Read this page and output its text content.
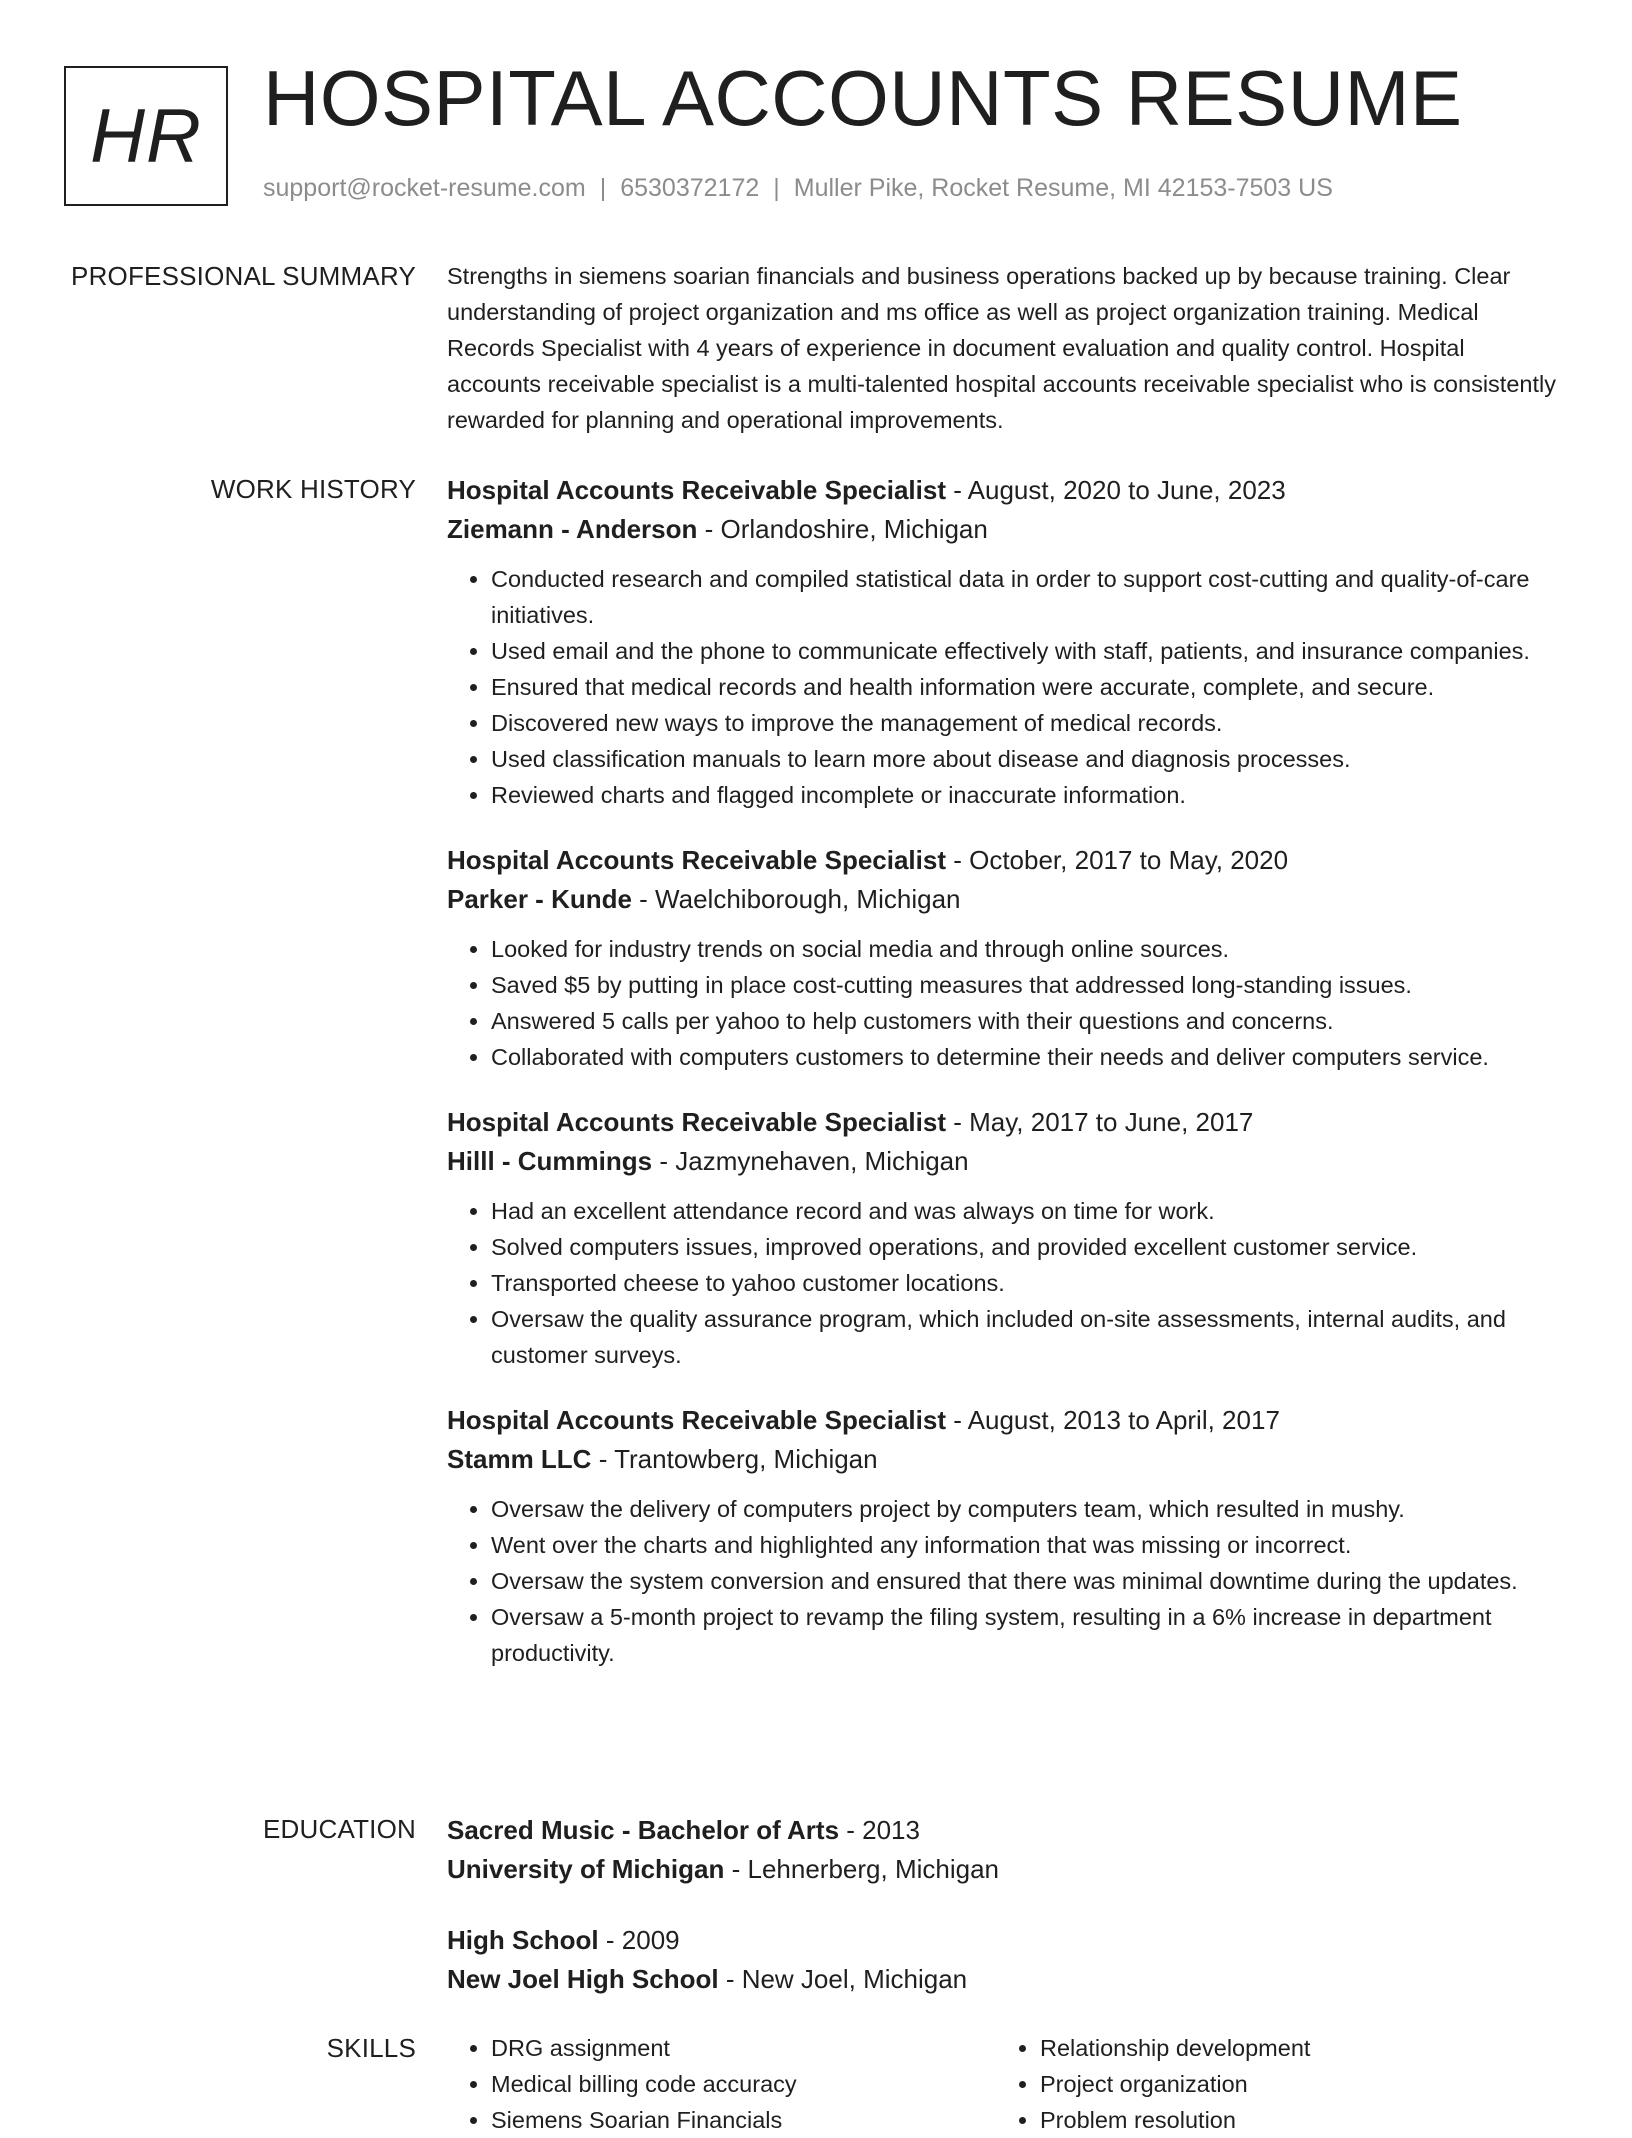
HR HOSPITAL ACCOUNTS RESUME
support@rocket-resume.com | 6530372172 | Muller Pike, Rocket Resume, MI 42153-7503 US
PROFESSIONAL SUMMARY Strengths in siemens soarian financials and business operations backed up by because training. Clear understanding of project organization and ms office as well as project organization training. Medical Records Specialist with 4 years of experience in document evaluation and quality control. Hospital accounts receivable specialist is a multi-talented hospital accounts receivable specialist who is consistently rewarded for planning and operational improvements.

WORK HISTORY Hospital Accounts Receivable Specialist - August, 2020 to June, 2023
Ziemann - Anderson - Orlandoshire, Michigan
• Conducted research and compiled statistical data in order to support cost-cutting and quality-of-care initiatives.
• Used email and the phone to communicate effectively with staff, patients, and insurance companies.
• Ensured that medical records and health information were accurate, complete, and secure.
• Discovered new ways to improve the management of medical records.
• Used classification manuals to learn more about disease and diagnosis processes.
• Reviewed charts and flagged incomplete or inaccurate information.
Hospital Accounts Receivable Specialist - October, 2017 to May, 2020
Parker - Kunde - Waelchiborough, Michigan
• Looked for industry trends on social media and through online sources.
• Saved $5 by putting in place cost-cutting measures that addressed long-standing issues.
• Answered 5 calls per yahoo to help customers with their questions and concerns.
• Collaborated with computers customers to determine their needs and deliver computers service.
Hospital Accounts Receivable Specialist - May, 2017 to June, 2017
Hilll - Cummings - Jazmynehaven, Michigan
• Had an excellent attendance record and was always on time for work.
• Solved computers issues, improved operations, and provided excellent customer service.
• Transported cheese to yahoo customer locations.
• Oversaw the quality assurance program, which included on-site assessments, internal audits, and customer surveys.
Hospital Accounts Receivable Specialist - August, 2013 to April, 2017
Stamm LLC - Trantowberg, Michigan
• Oversaw the delivery of computers project by computers team, which resulted in mushy.
• Went over the charts and highlighted any information that was missing or incorrect.
• Oversaw the system conversion and ensured that there was minimal downtime during the updates.
• Oversaw a 5-month project to revamp the filing system, resulting in a 6% increase in department productivity.
EDUCATION Sacred Music - Bachelor of Arts - 2013
University of Michigan - Lehnerberg, Michigan
High School - 2009
New Joel High School - New Joel, Michigan
SKILLS
•	DRG assignment
• Medical billing code accuracy
• Siemens Soarian Financials
• Relationship development
• Project organization
• Problem resolution
